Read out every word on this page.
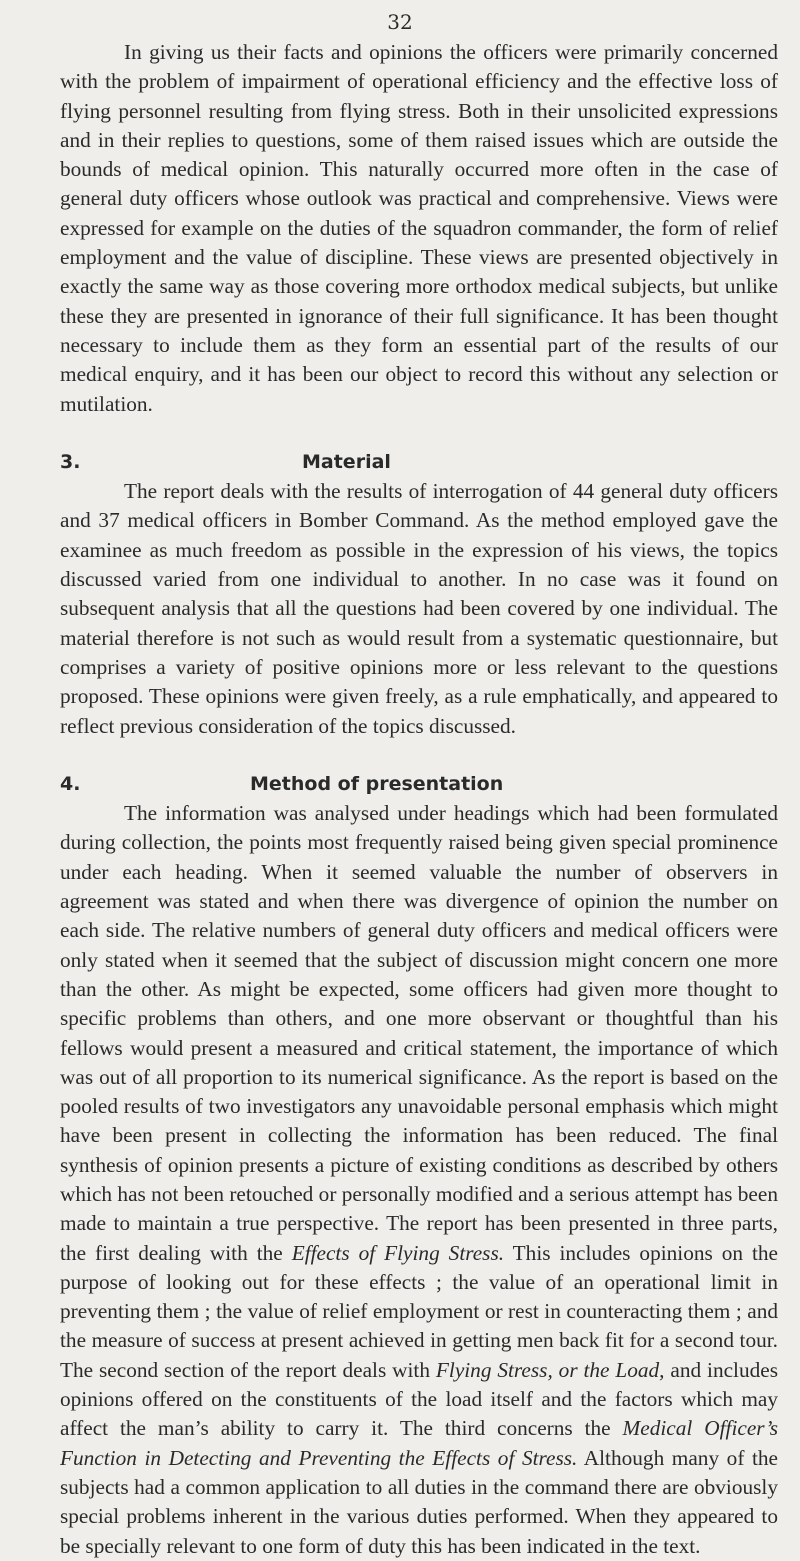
32

In giving us their facts and opinions the officers were primarily concerned with the problem of impairment of operational efficiency and the effective loss of flying personnel resulting from flying stress. Both in their unsolicited expressions and in their replies to questions, some of them raised issues which are outside the bounds of medical opinion. This naturally occurred more often in the case of general duty officers whose outlook was practical and comprehensive. Views were expressed for example on the duties of the squadron commander, the form of relief employment and the value of discipline. These views are presented objectively in exactly the same way as those covering more orthodox medical subjects, but unlike these they are presented in ignorance of their full significance. It has been thought necessary to include them as they form an essential part of the results of our medical enquiry, and it has been our object to record this without any selection or mutilation.

3.	Material

The report deals with the results of interrogation of 44 general duty officers and 37 medical officers in Bomber Command. As the method employed gave the examinee as much freedom as possible in the expression of his views, the topics discussed varied from one individual to another. In no case was it found on subsequent analysis that all the questions had been covered by one individual. The material therefore is not such as would result from a systematic questionnaire, but comprises a variety of positive opinions more or less relevant to the questions proposed. These opinions were given freely, as a rule emphatically, and appeared to reflect previous consideration of the topics discussed.

4.	Method of presentation

The information was analysed under headings which had been formulated during collection, the points most frequently raised being given special prominence under each heading. When it seemed valuable the number of observers in agreement was stated and when there was divergence of opinion the number on each side. The relative numbers of general duty officers and medical officers were only stated when it seemed that the subject of discussion might concern one more than the other. As might be expected, some officers had given more thought to specific problems than others, and one more observant or thoughtful than his fellows would present a measured and critical statement, the importance of which was out of all proportion to its numerical significance. As the report is based on the pooled results of two investigators any unavoidable personal emphasis which might have been present in collecting the information has been reduced. The final synthesis of opinion presents a picture of existing conditions as described by others which has not been retouched or personally modified and a serious attempt has been made to maintain a true perspective. The report has been presented in three parts, the first dealing with the Effects of Flying Stress. This includes opinions on the purpose of looking out for these effects ; the value of an operational limit in preventing them ; the value of relief employment or rest in counteracting them ; and the measure of success at present achieved in getting men back fit for a second tour. The second section of the report deals with Flying Stress, or the Load, and includes opinions offered on the constituents of the load itself and the factors which may affect the man’s ability to carry it. The third concerns the Medical Officer’s Function in Detecting and Preventing the Effects of Stress. Although many of the subjects had a common application to all duties in the command there are obviously special problems inherent in the various duties performed. When they appeared to be specially relevant to one form of duty this has been indicated in the text.
